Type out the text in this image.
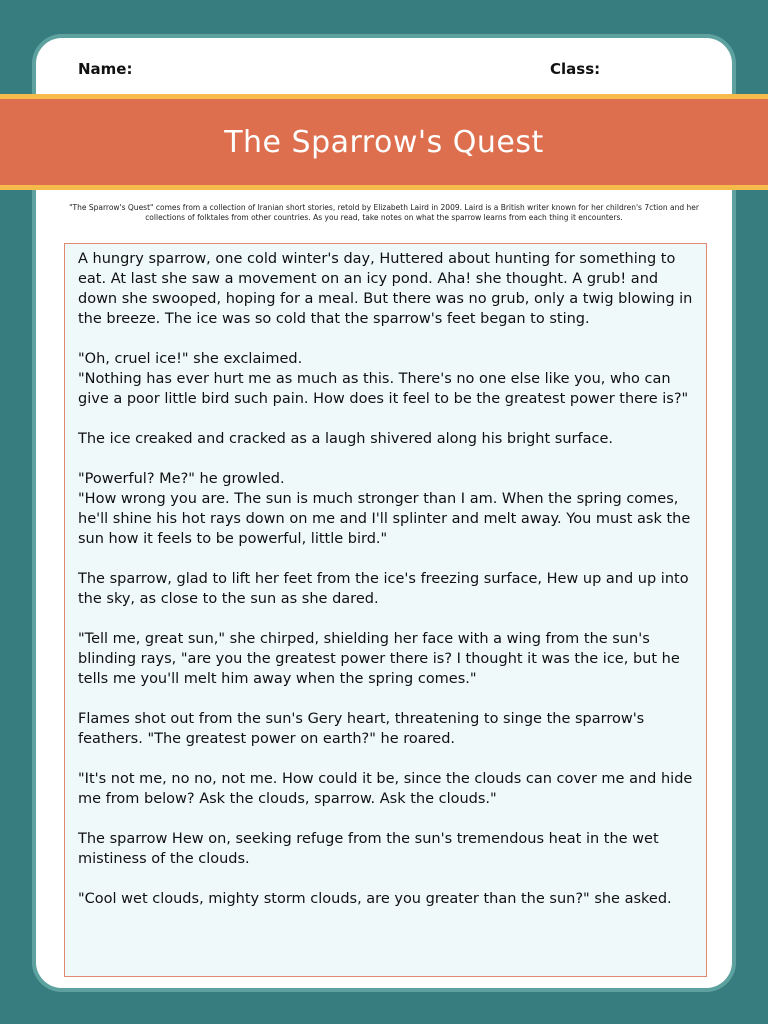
Name:	Class:
The Sparrow's Quest

"The Sparrow's Quest" comes from a collection of Iranian short stories, retold by Elizabeth Laird in 2009. Laird is a British writer known for her children's 7ction and her collections of folktales from other countries. As you read, take notes on what the sparrow learns from each thing it encounters.

A hungry sparrow, one cold winter's day, Huttered about hunting for something to eat. At last she saw a movement on an icy pond. Aha! she thought. A grub! and down she swooped, hoping for a meal. But there was no grub, only a twig blowing in the breeze. The ice was so cold that the sparrow's feet began to sting.

"Oh, cruel ice!" she exclaimed.
"Nothing has ever hurt me as much as this. There's no one else like you, who can give a poor little bird such pain. How does it feel to be the greatest power there is?"

The ice creaked and cracked as a laugh shivered along his bright surface.

"Powerful? Me?" he growled.
"How wrong you are. The sun is much stronger than I am. When the spring comes, he'll shine his hot rays down on me and I'll splinter and melt away. You must ask the sun how it feels to be powerful, little bird."

The sparrow, glad to lift her feet from the ice's freezing surface, Hew up and up into the sky, as close to the sun as she dared.

"Tell me, great sun," she chirped, shielding her face with a wing from the sun's blinding rays, "are you the greatest power there is? I thought it was the ice, but he tells me you'll melt him away when the spring comes."

Flames shot out from the sun's Gery heart, threatening to singe the sparrow's feathers. "The greatest power on earth?" he roared.

"It's not me, no no, not me. How could it be, since the clouds can cover me and hide me from below? Ask the clouds, sparrow. Ask the clouds."

The sparrow Hew on, seeking refuge from the sun's tremendous heat in the wet mistiness of the clouds.

"Cool wet clouds, mighty storm clouds, are you greater than the sun?" she asked.
